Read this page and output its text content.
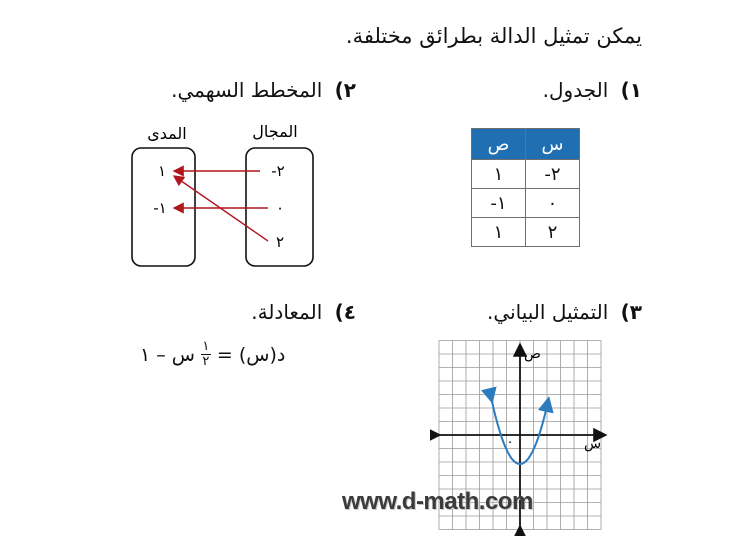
يمكن تمثيل الدالة بطرائق مختلفة.
١) الجدول.
٢) المخطط السهمي.
٣) التمثيل البياني.
٤) المعادلة.
ص	س
١	-٢
-١	٠
١	٢
المجال
المدى
-٢
٠
٢
١
-١
١ – س $\frac{١}{٢}$ = د(س)	ص
س
٠
www.d-math.com
